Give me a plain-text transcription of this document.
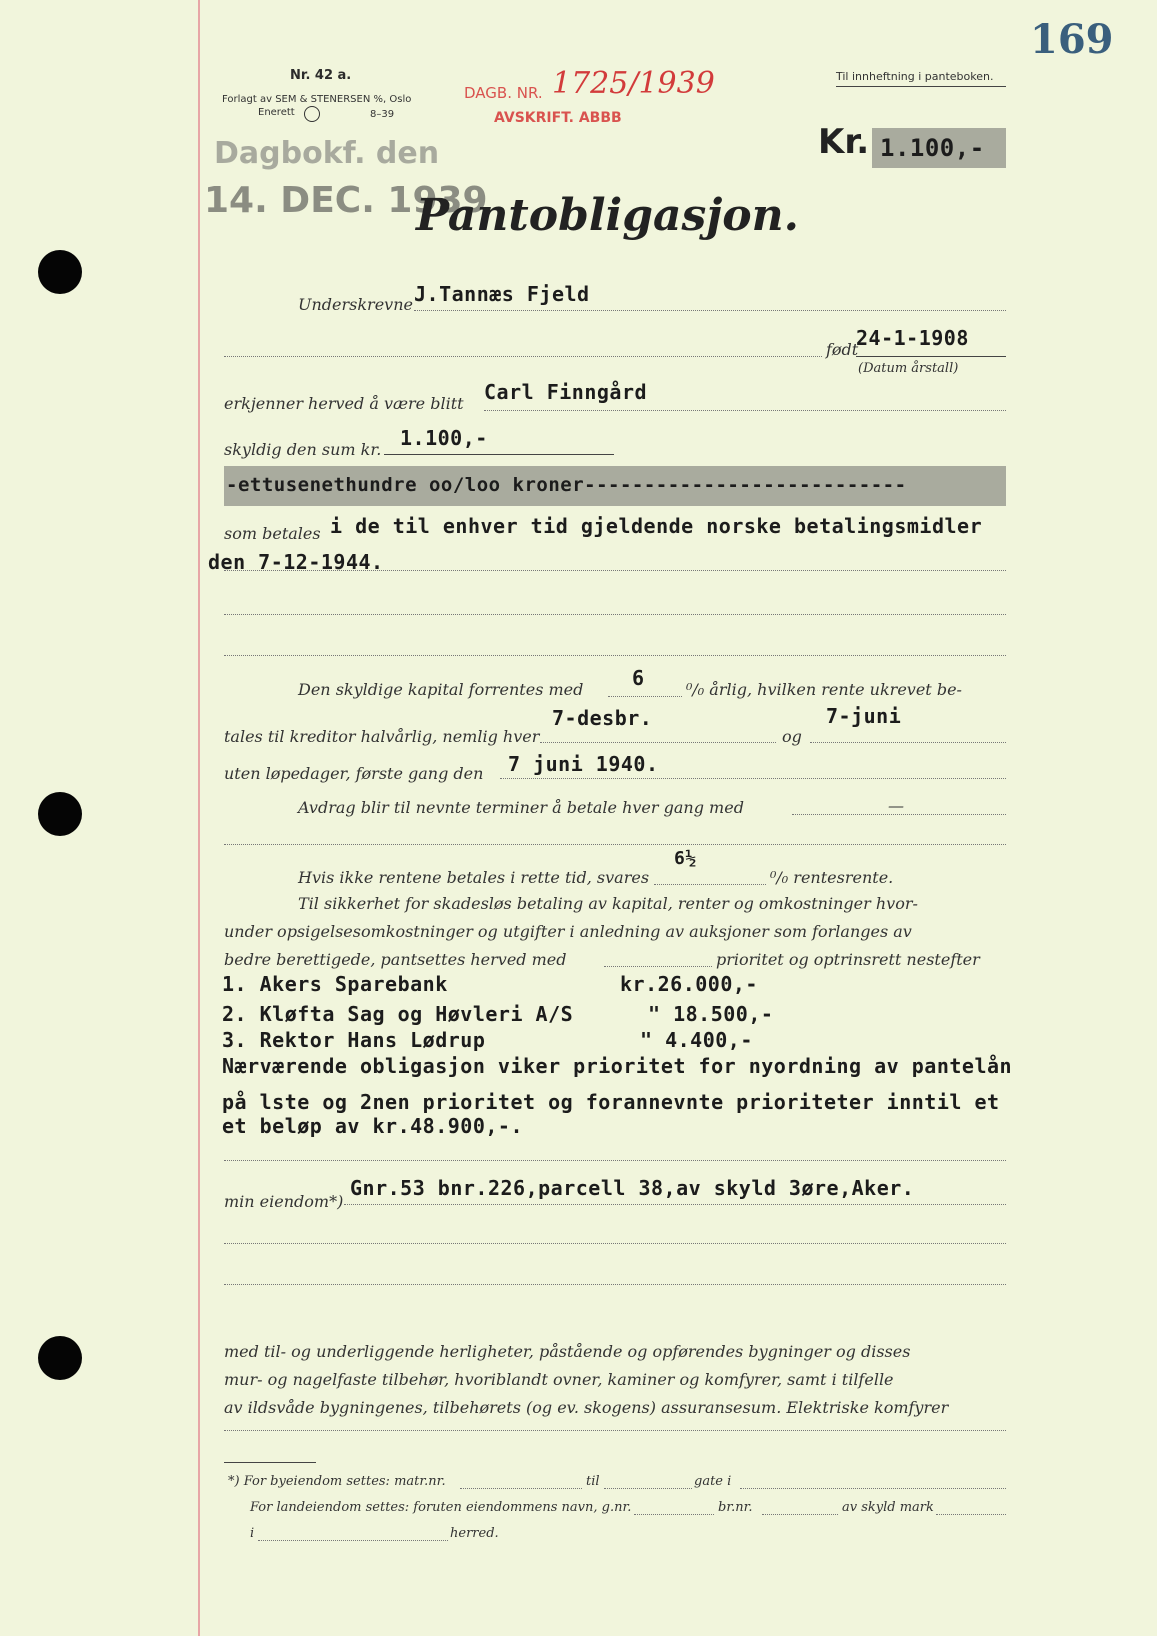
169
Nr. 42 a.
Forlagt av SEM & STENERSEN %, Oslo
Enerett	8–39
Til innheftning i panteboken.
DAGB. NR. 1725/1939
AVSKRIFT. ABBB
Dagbokf. den
14. DEC. 1939
Kr. 1.100,-
Pantobligasjon.
Underskrevne J.Tannæs Fjeld
født
24-1-1908
(Datum årstall)
erkjenner herved å være blitt Carl Finngård
skyldig den sum kr. 1.100,-
-ettusenethundre oo/loo kroner---------------------------
som betales i de til enhver tid gjeldende norske betalingsmidler
den 7-12-1944.
Den skyldige kapital forrentes med 6	⁰/₀ årlig, hvilken rente ukrevet be-
tales til kreditor halvårlig, nemlig hver
7-desbr.
og
7-juni
uten løpedager, første gang den 7 juni 1940.
Avdrag blir til nevnte terminer å betale hver gang med	—
Hvis ikke rentene betales i rette tid, svares
6½
⁰/₀ rentesrente.
Til sikkerhet for skadesløs betaling av kapital, renter og omkostninger hvor-
under opsigelsesomkostninger og utgifter i anledning av auksjoner som forlanges av
bedre berettigede, pantsettes herved med	prioritet og optrinsrett nestefter
1. Akers Sparebank	kr.26.000,-
2. Kløfta Sag og Høvleri A/S	" 18.500,-
3. Rektor Hans Lødrup	" 4.400,-
Nærværende obligasjon viker prioritet for nyordning av pantelån
på lste og 2nen prioritet og forannevnte prioriteter inntil et
et beløp av kr.48.900,-.
min eiendom*)
Gnr.53 bnr.226,parcell 38,av skyld 3øre,Aker.
med til- og underliggende herligheter, påstående og opførendes bygninger og disses
mur- og nagelfaste tilbehør, hvoriblandt ovner, kaminer og komfyrer, samt i tilfelle
av ildsvåde bygningenes, tilbehørets (og ev. skogens) assuransesum. Elektriske komfyrer
*) For byeiendom settes: matr.nr.	til	gate i
For landeiendom settes: foruten eiendommens navn, g.nr.	br.nr.	av skyld mark
i	herred.
